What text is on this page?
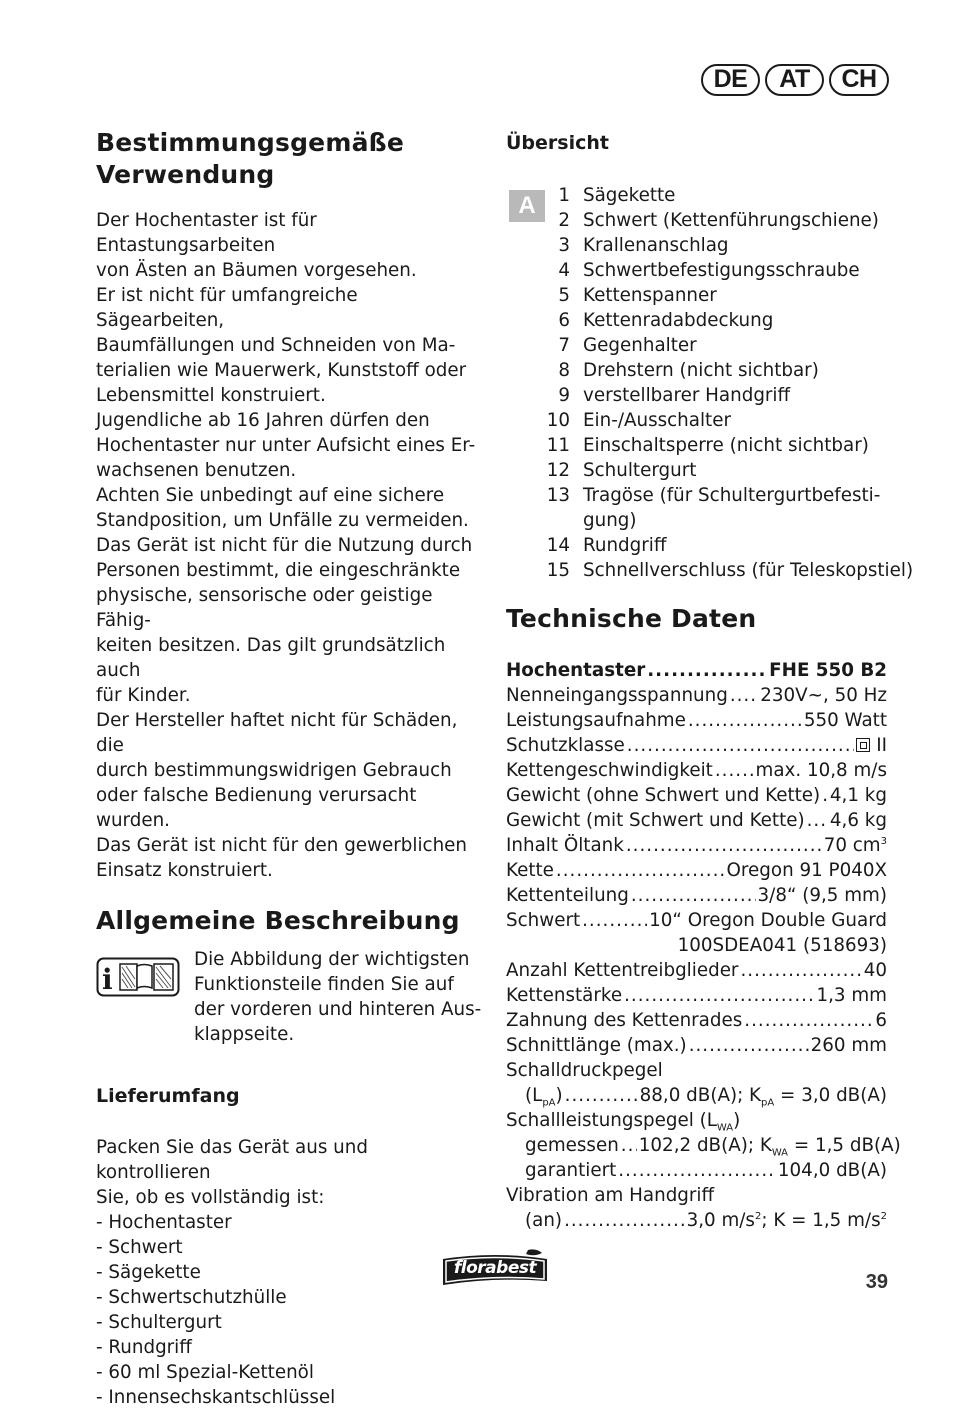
DE	AT	CH
Bestimmungsgemäße
Verwendung
Der Hochentaster ist für Entastungsarbeiten
von Ästen an Bäumen vorgesehen.
Er ist nicht für umfangreiche Sägearbeiten,
Baumfällungen und Schneiden von Ma-
terialien wie Mauerwerk, Kunststoff oder
Lebensmittel konstruiert.
Jugendliche ab 16 Jahren dürfen den
Hochentaster nur unter Aufsicht eines Er-
wachsenen benutzen.
Achten Sie unbedingt auf eine sichere
Standposition, um Unfälle zu vermeiden.
Das Gerät ist nicht für die Nutzung durch
Personen bestimmt, die eingeschränkte
physische, sensorische oder geistige Fähig-
keiten besitzen. Das gilt grundsätzlich auch
für Kinder.
Der Hersteller haftet nicht für Schäden, die
durch bestimmungswidrigen Gebrauch
oder falsche Bedienung verursacht wurden.
Das Gerät ist nicht für den gewerblichen
Einsatz konstruiert.
Allgemeine Beschreibung
i
Die Abbildung der wichtigsten
Funktionsteile finden Sie auf
der vorderen und hinteren Aus-
klappseite.
Lieferumfang
Packen Sie das Gerät aus und kontrollieren
Sie, ob es vollständig ist:
- Hochentaster
- Schwert
- Sägekette
- Schwertschutzhülle
- Schultergurt
- Rundgriff
- 60 ml Spezial-Kettenöl
- Innensechskantschlüssel
Übersicht
A	1 Sägekette
2 Schwert (Kettenführungschiene)
3 Krallenanschlag
4 Schwertbefestigungsschraube
5 Kettenspanner
6 Kettenradabdeckung
7 Gegenhalter
8 Drehstern (nicht sichtbar)
9 verstellbarer Handgriff
10 Ein-/Ausschalter
11 Einschaltsperre (nicht sichtbar)
12 Schultergurt
13 Tragöse (für Schultergurtbefesti-
gung)
14 Rundgriff
15 Schnellverschluss (für Teleskopstiel)
Technische Daten
Hochentaster .....	FHE 550 B2
Nenneingangsspannung ..... 230V~, 50 Hz
Leistungsaufnahme .....	550 Watt
Schutzklasse .....	II
Kettengeschwindigkeit ..... max. 10,8 m/s
Gewicht (ohne Schwert und Kette) ..... 4,1 kg
Gewicht (mit Schwert und Kette) ..... 4,6 kg
Inhalt Öltank .....	70 $cm^3$
Kette .....	Oregon 91 P040X
Kettenteilung .....	3/8“ (9,5 mm)
Schwert .....	10“ Oregon Double Guard
100SDEA041 (518693)
Anzahl Kettentreibglieder .....	40
Kettenstärke .....	1,3 mm
Zahnung des Kettenrades .....	6
Schnittlänge (max.) .....	260 mm
Schalldruckpegel
$(L_{pA})$ .....	88,0 dB(A); $K_{pA} = 3,0$ dB(A)
Schallleistungspegel $(L_{WA})$
gemessen ..... 102,2 dB(A); $K_{WA} = 1,5$ dB(A)
garantiert .....	104,0 dB(A)
Vibration am Handgriff
(an) .....	3,0 $m/s^2$; K = 1,5 $m/s^2$
florabest
39
